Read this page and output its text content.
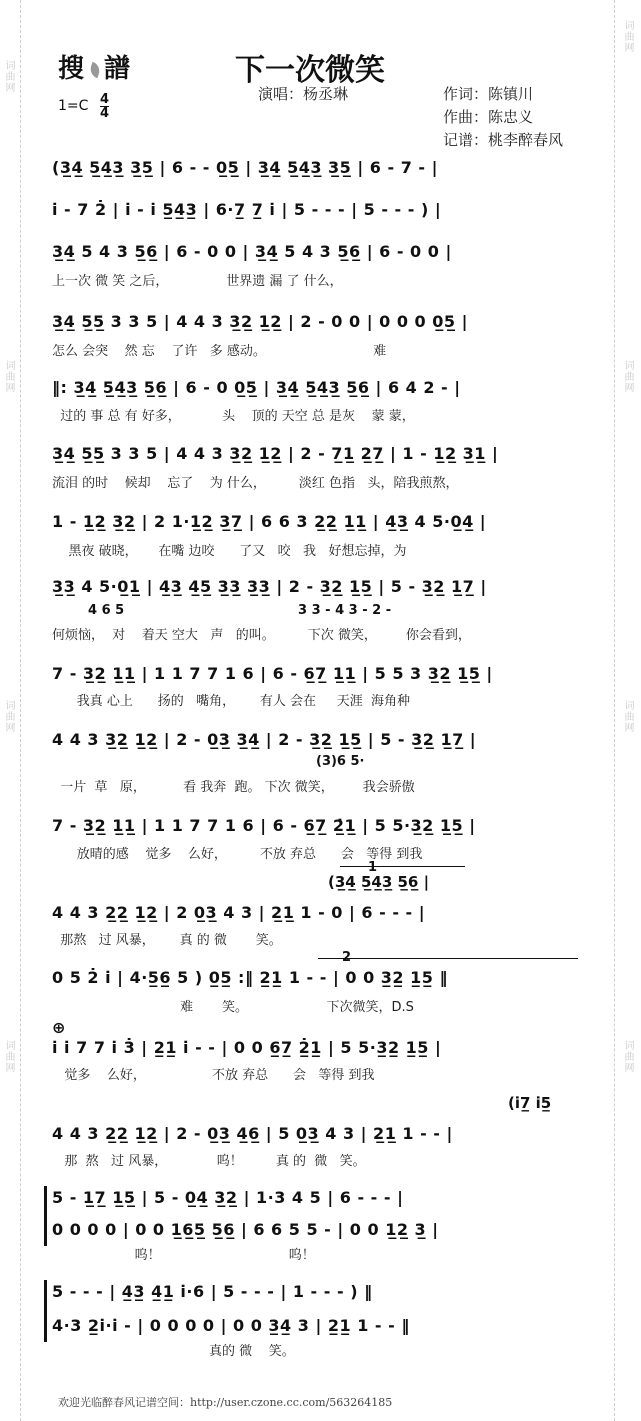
词曲网
词曲网
词曲网
词曲网
词曲网
词曲网
词曲网
词曲网
搜 譜	下一次微笑
演唱：杨丞琳	作词：陈镇川
作曲：陈忠义
记谱：桃李醉春风
1=C 4
4
(3̲4̲ 5̲4̲3̲ 3̲5̲ | 6 - - 0̲5̲ | 3̲4̲ 5̲4̲3̲ 3̲5̲ | 6 - 7 - |
i̇ - 7 2̇ | i̇ - i̇ 5̲4̲3̲ | 6·7̲ 7̲ i̇ | 5 - - - | 5 - - - ) |
3̲4̲ 5 4 3 5̲6̲ | 6 - 0 0 | 3̲4̲ 5 4 3 5̲6̲ | 6 - 0 0 |
上一次 微 笑 之后，              世界遗 漏 了 什么，
3̲4̲ 5̲5̲ 3 3 5 | 4 4 3 3̲2̲ 1̲2̲ | 2 - 0 0 | 0 0 0 0̲5̲ |
怎么 会突    然 忘    了许   多 感动。                          难
‖: 3̲4̲ 5̲4̲3̲ 5̲6̲ | 6 - 0 0̲5̲ | 3̲4̲ 5̲4̲3̲ 5̲6̲ | 6 4 2 - |
过的 事 总 有 好多，          头    顶的 天空 总 是灰    蒙 蒙，
3̲4̲ 5̲5̲ 3 3 5 | 4 4 3 3̲2̲ 1̲2̲ | 2 - 7̲1̲ 2̲7̲ | 1 - 1̲2̲ 3̲1̲ |
流泪 的时    候却    忘了    为 什么，        淡红 色指   头，陪我煎熬，
1 - 1̲2̲ 3̲2̲ | 2 1·1̲2̲ 3̲7̲ | 6 6 3 2̲2̲ 1̲1̲ | 4̲3̲ 4 5·0̲4̲ |
黑夜 破晓，     在嘴 边咬      了又   咬   我   好想忘掉，为
3̲3̲ 4 5·0̲1̲ | 4̲3̲ 4̲5̲ 3̲3̲ 3̲3̲ | 2 - 3̲2̲ 1̲5̲ | 5 - 3̲2̲ 1̲7̲ |
4 6 5	3 3 ‐ 4 3 ‐ 2 -
何烦恼，  对    着天 空大   声   的叫。        下次 微笑，       你会看到，
7 - 3̲2̲ 1̲1̲ | 1 1 7 7 1 6 | 6 - 6̲7̲ 1̲1̲ | 5 5 3 3̲2̲ 1̲5̲ |
我真 心上      扬的   嘴角，      有人 会在     天涯  海角种
4 4 3 3̲2̲ 1̲2̲ | 2 - 0̲3̲ 3̲4̲ | 2 - 3̲2̲ 1̲5̲ | 5 - 3̲2̲ 1̲7̲ |
(3)6 5·
一片  草   原，         看 我奔  跑。 下次 微笑，       我会骄傲
7 - 3̲2̲ 1̲1̲ | 1 1 7 7 1 6 | 6 - 6̲7̲ 2̲̇1̲ | 5 5·3̲2̲ 1̲5̲ |
放晴的感    觉多    么好，        不放 弃总      会   等得 到我
1
(3̲4̲ 5̲4̲3̲ 5̲6̲ |
4 4 3 2̲2̲ 1̲2̲ | 2 0̲3̲ 4 3 | 2̲1̲ 1 - 0 | 6 - - - |
那熬   过 风暴，      真 的 微       笑。
2
0 5 2̇ i̇ | 4·5̲6̲ 5 ) 0̲5̲ :‖ 2̲1̲ 1 - - | 0 0 3̲2̲ 1̲5̲ ‖
难       笑。                   下次微笑，D.S
⊕
i̇ i̇ 7 7 i̇ 3̇ | 2̲1̲ i̇ - - | 0 0 6̲7̲ 2̲̇1̲ | 5 5·3̲2̲ 1̲5̲ |
觉多    么好，                不放 弃总      会   等得 到我
(i̇7̲ i̇5̲
4 4 3 2̲2̲ 1̲2̲ | 2 - 0̲3̲ 4̲6̲ | 5 0̲3̲ 4 3 | 2̲1̲ 1 - - |
那  熬   过 风暴，            呜！        真 的  微   笑。
5 - 1̲7̲ 1̲5̲ | 5 - 0̲4̲ 3̲2̲ | 1·3 4 5 | 6 - - - |
0 0 0 0 | 0 0 1̲6̲5̲ 5̲6̲ | 6 6 5 5 - | 0 0 1̲2̲ 3̲ |
呜！                               呜！
5 - - - | 4̲3̲ 4̲1̲ i̇·6 | 5 - - - | 1 - - - ) ‖
4·3 2̲i̇·i̇ - | 0 0 0 0 | 0 0 3̲4̲ 3 | 2̲1̲ 1 - - ‖
真的 微    笑。
欢迎光临醉春风记谱空间：http://user.czone.cc.com/563264185
